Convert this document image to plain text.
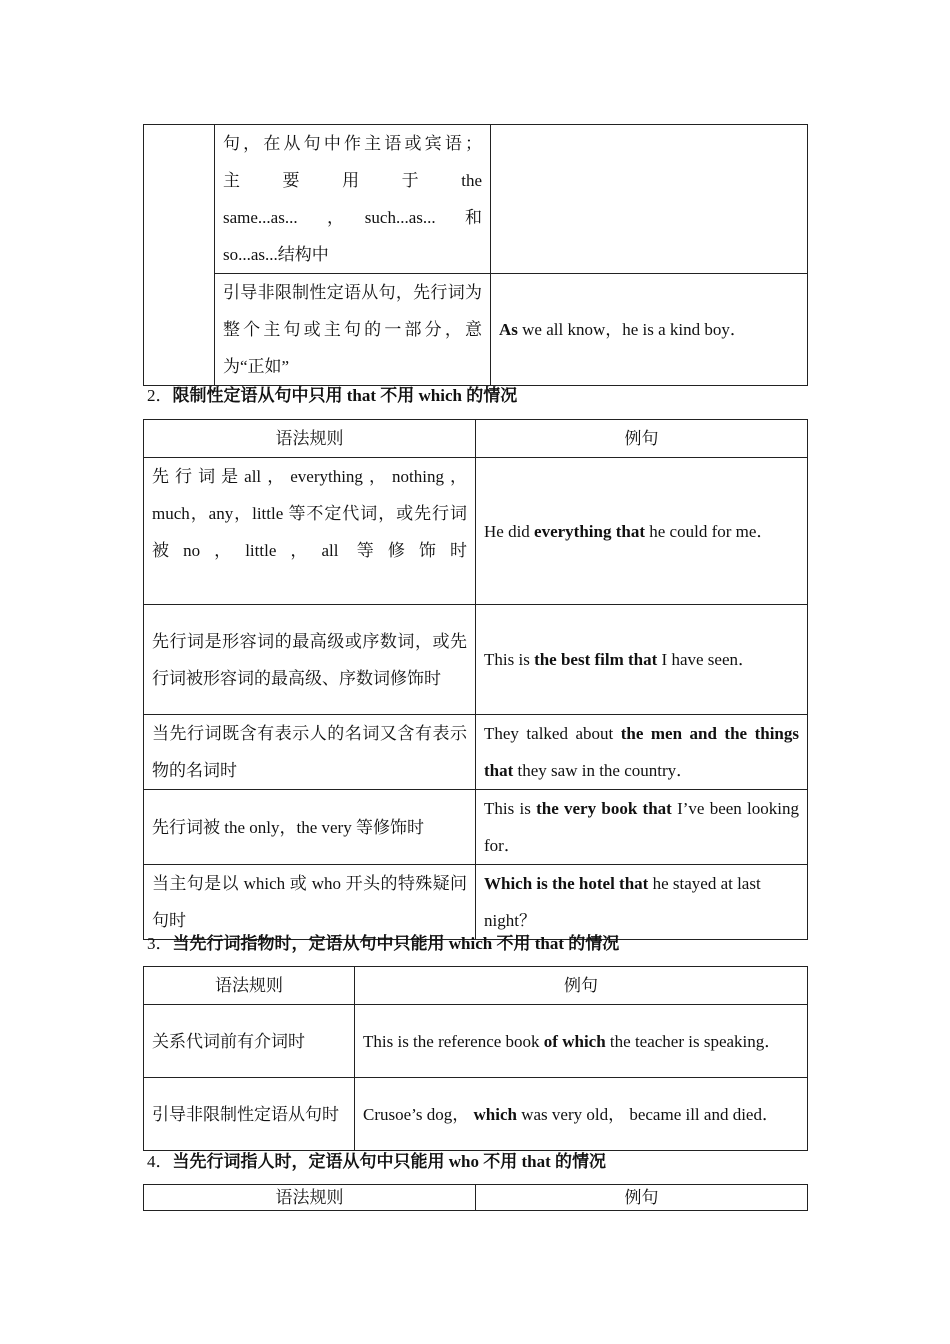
	句，在从句中作主语或宾语；
主　要　用　于　the
same...as...　，　such...as...　和
so...as...结构中	

	引导非限制性定语从句，先行词为整个主句或主句的一部分，意为“正如”	As we all know，he is a kind boy．
2．限制性定语从句中只用 that 不用 which 的情况
语法规则	例句
先行词是all，everything，nothing，much，any，little 等不定代词，或先行词被no，little，all 等修饰时	He did everything that he could for me．
先行词是形容词的最高级或序数词，或先行词被形容词的最高级、序数词修饰时	This is the best film that I have seen．
当先行词既含有表示人的名词又含有表示物的名词时	They talked about the men and the things that they saw in the country．
先行词被 the only，the very 等修饰时	This is the very book that I’ve been looking for．
当主句是以 which 或 who 开头的特殊疑问句时	Which is the hotel that he stayed at last night？
3．当先行词指物时，定语从句中只能用 which 不用 that 的情况
语法规则	例句
关系代词前有介词时	This is the reference book of which the teacher is speaking．
引导非限制性定语从句时	Crusoe’s dog， which was very old， became ill and died．
4．当先行词指人时，定语从句中只能用 who 不用 that 的情况
语法规则	例句
